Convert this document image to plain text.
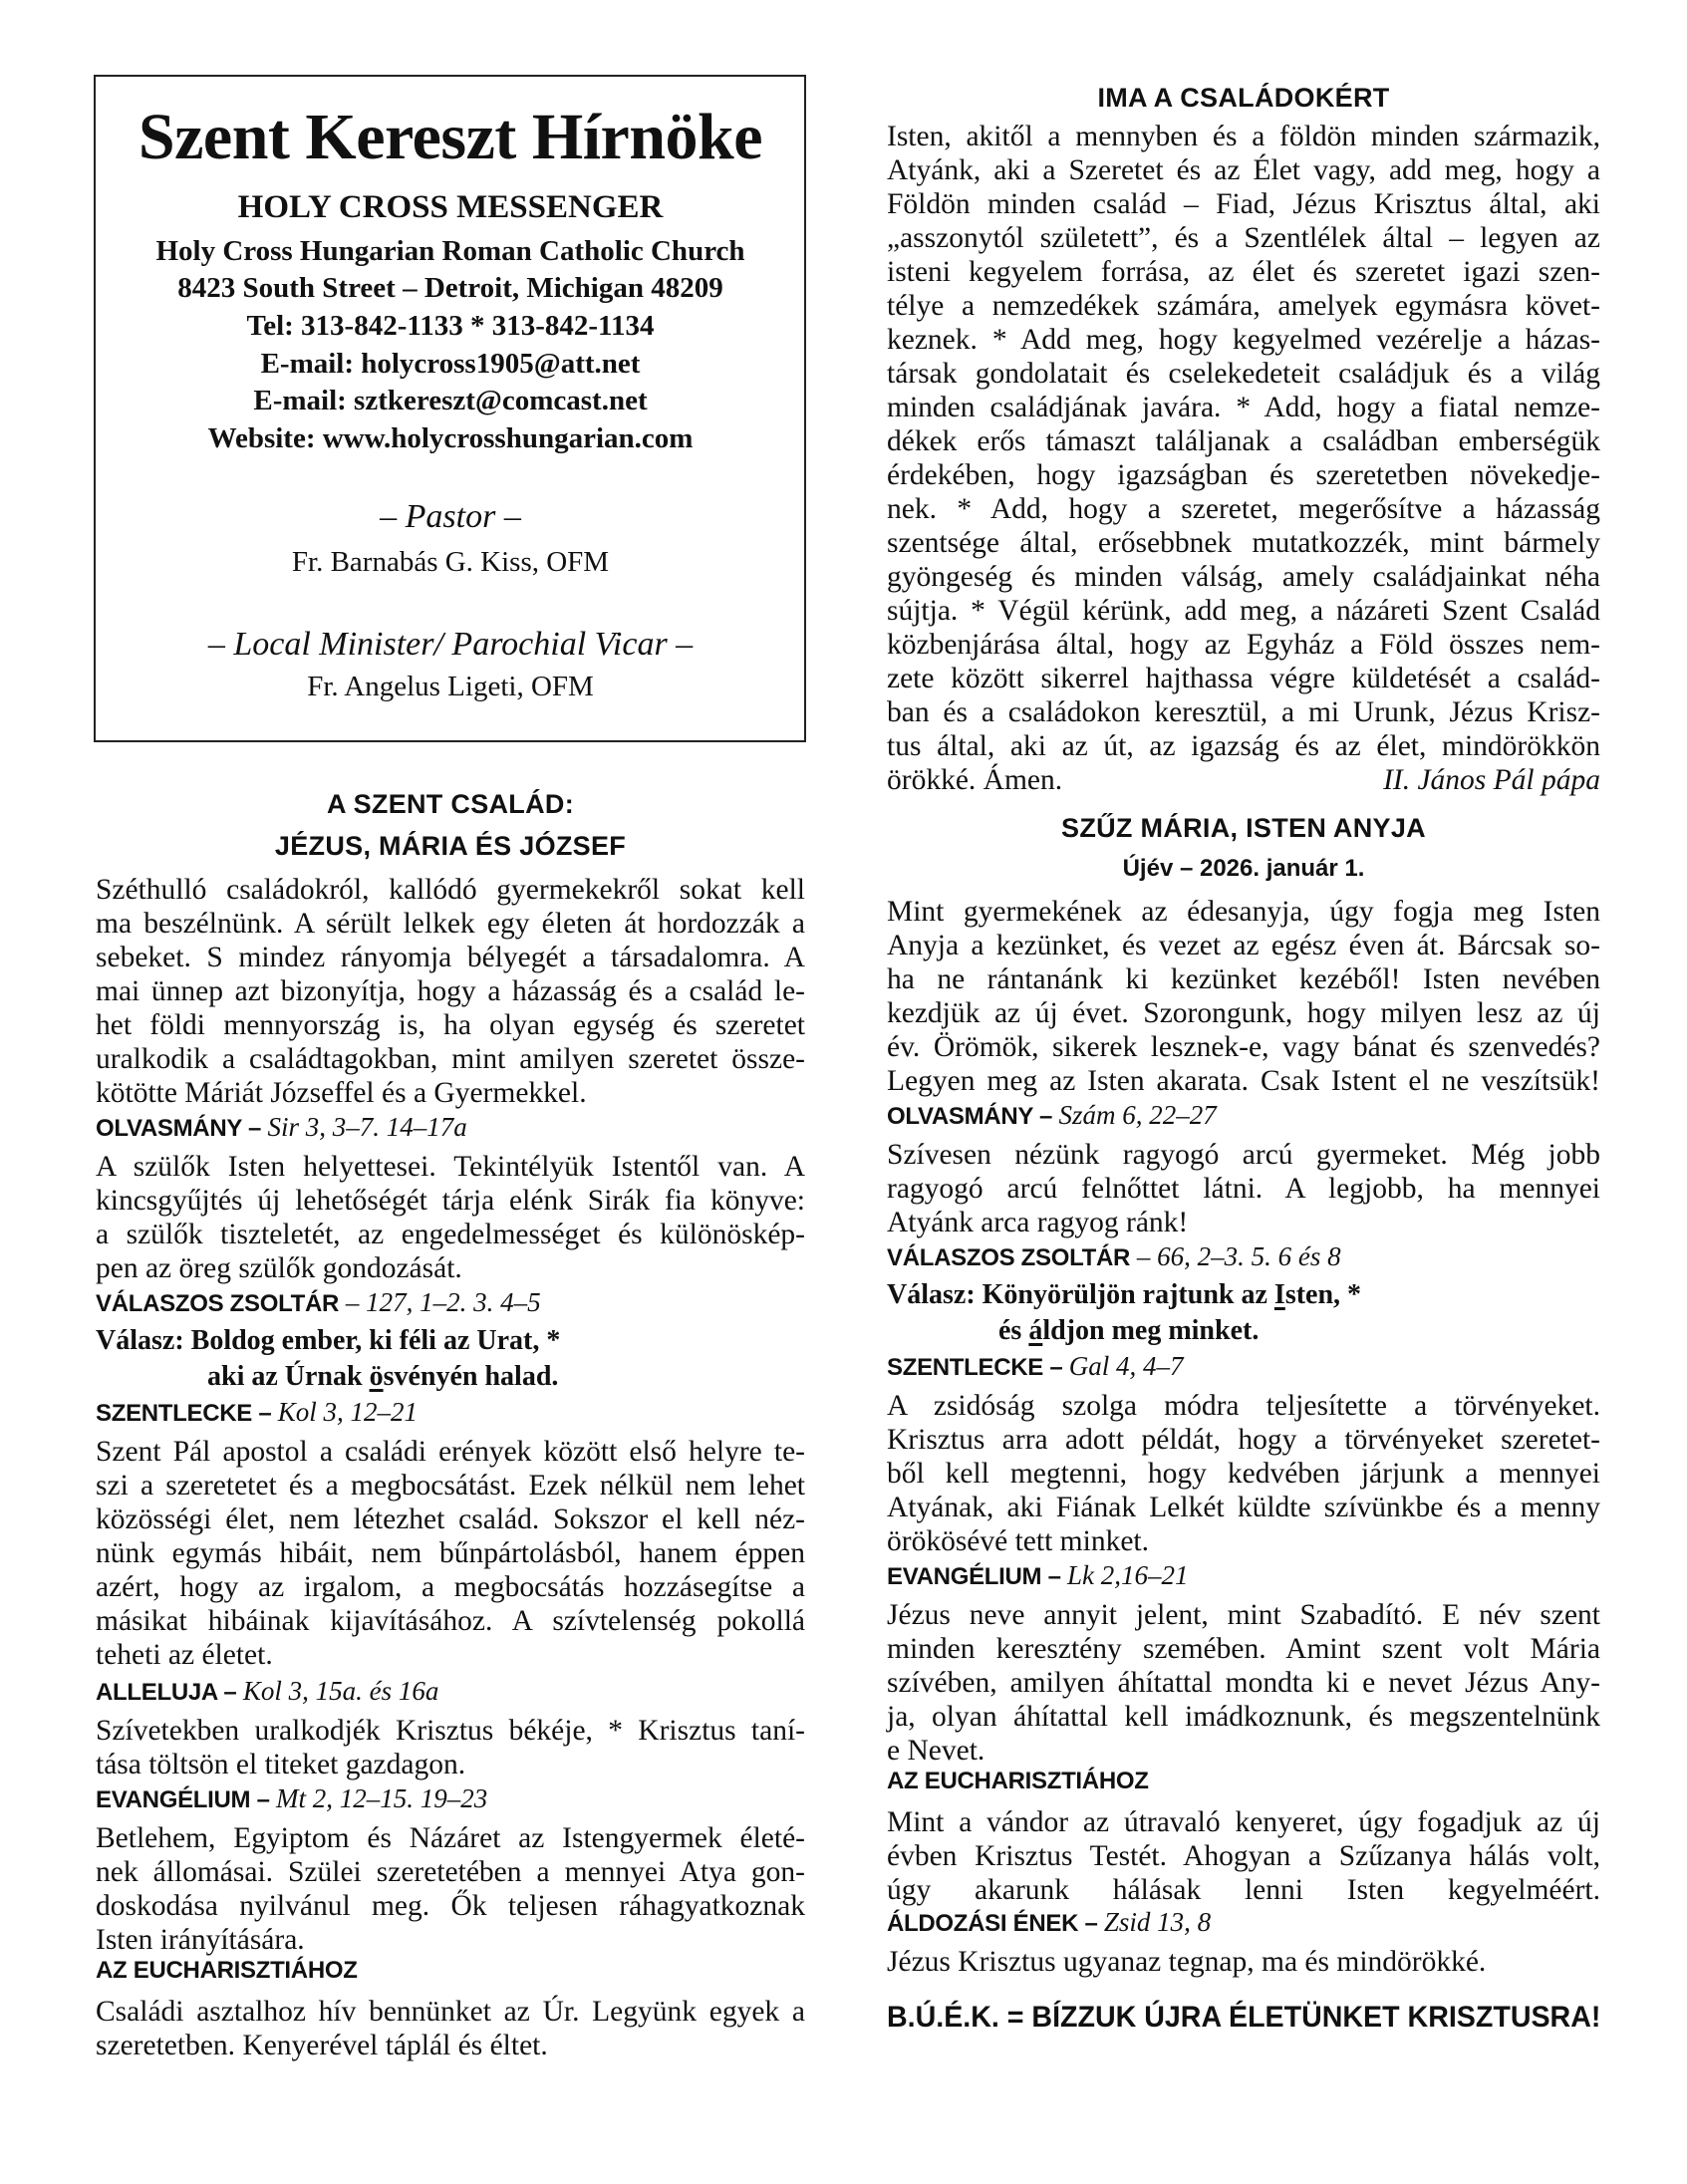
Szent Kereszt Hírnöke
HOLY CROSS MESSENGER
Holy Cross Hungarian Roman Catholic Church
8423 South Street – Detroit, Michigan 48209
Tel: 313-842-1133 * 313-842-1134
E-mail: holycross1905@att.net
E-mail: sztkereszt@comcast.net
Website: www.holycrosshungarian.com
– Pastor –
Fr. Barnabás G. Kiss, OFM
– Local Minister/ Parochial Vicar –
Fr. Angelus Ligeti, OFM
A SZENT CSALÁD:
JÉZUS, MÁRIA ÉS JÓZSEF
Széthulló családokról, kallódó gyermekekről sokat kell
ma beszélnünk. A sérült lelkek egy életen át hordozzák a
sebeket. S mindez rányomja bélyegét a társadalomra. A
mai ünnep azt bizonyítja, hogy a házasság és a család le-
het földi mennyország is, ha olyan egység és szeretet
uralkodik a családtagokban, mint amilyen szeretet össze-
kötötte Máriát Józseffel és a Gyermekkel.
OLVASMÁNY – Sir 3, 3–7. 14–17a
A szülők Isten helyettesei. Tekintélyük Istentől van. A
kincsgyűjtés új lehetőségét tárja elénk Sirák fia könyve:
a szülők tiszteletét, az engedelmességet és különöskép-
pen az öreg szülők gondozását.
VÁLASZOS ZSOLTÁR – 127, 1–2. 3. 4–5
Válasz: Boldog ember, ki féli az Urat, *
aki az Úrnak ösvényén halad.
SZENTLECKE – Kol 3, 12–21
Szent Pál apostol a családi erények között első helyre te-
szi a szeretetet és a megbocsátást. Ezek nélkül nem lehet
közösségi élet, nem létezhet család. Sokszor el kell néz-
nünk egymás hibáit, nem bűnpártolásból, hanem éppen
azért, hogy az irgalom, a megbocsátás hozzásegítse a
másikat hibáinak kijavításához. A szívtelenség pokollá
teheti az életet.
ALLELUJA – Kol 3, 15a. és 16a
Szívetekben uralkodjék Krisztus békéje, * Krisztus taní-
tása töltsön el titeket gazdagon.
EVANGÉLIUM – Mt 2, 12–15. 19–23
Betlehem, Egyiptom és Názáret az Istengyermek életé-
nek állomásai. Szülei szeretetében a mennyei Atya gon-
doskodása nyilvánul meg. Ők teljesen ráhagyatkoznak
Isten irányítására.
AZ EUCHARISZTIÁHOZ
Családi asztalhoz hív bennünket az Úr. Legyünk egyek a
szeretetben. Kenyerével táplál és éltet.
IMA A CSALÁDOKÉRT
Isten, akitől a mennyben és a földön minden származik,
Atyánk, aki a Szeretet és az Élet vagy, add meg, hogy a
Földön minden család – Fiad, Jézus Krisztus által, aki
„asszonytól született”, és a Szentlélek által – legyen az
isteni kegyelem forrása, az élet és szeretet igazi szen-
télye a nemzedékek számára, amelyek egymásra követ-
keznek. * Add meg, hogy kegyelmed vezérelje a házas-
társak gondolatait és cselekedeteit családjuk és a világ
minden családjának javára. * Add, hogy a fiatal nemze-
dékek erős támaszt találjanak a családban emberségük
érdekében, hogy igazságban és szeretetben növekedje-
nek. * Add, hogy a szeretet, megerősítve a házasság
szentsége által, erősebbnek mutatkozzék, mint bármely
gyöngeség és minden válság, amely családjainkat néha
sújtja. * Végül kérünk, add meg, a názáreti Szent Család
közbenjárása által, hogy az Egyház a Föld összes nem-
zete között sikerrel hajthassa végre küldetését a család-
ban és a családokon keresztül, a mi Urunk, Jézus Krisz-
tus által, aki az út, az igazság és az élet, mindörökkön
örökké. Ámen.	II. János Pál pápa
SZŰZ MÁRIA, ISTEN ANYJA
Újév – 2026. január 1.
Mint gyermekének az édesanyja, úgy fogja meg Isten
Anyja a kezünket, és vezet az egész éven át. Bárcsak so-
ha ne rántanánk ki kezünket kezéből! Isten nevében
kezdjük az új évet. Szorongunk, hogy milyen lesz az új
év. Örömök, sikerek lesznek-e, vagy bánat és szenvedés?
Legyen meg az Isten akarata. Csak Istent el ne veszítsük!
OLVASMÁNY – Szám 6, 22–27
Szívesen nézünk ragyogó arcú gyermeket. Még jobb
ragyogó arcú felnőttet látni. A legjobb, ha mennyei
Atyánk arca ragyog ránk!
VÁLASZOS ZSOLTÁR – 66, 2–3. 5. 6 és 8
Válasz: Könyörüljön rajtunk az Isten, *
és áldjon meg minket.
SZENTLECKE – Gal 4, 4–7
A zsidóság szolga módra teljesítette a törvényeket.
Krisztus arra adott példát, hogy a törvényeket szeretet-
ből kell megtenni, hogy kedvében járjunk a mennyei
Atyának, aki Fiának Lelkét küldte szívünkbe és a menny
örökösévé tett minket.
EVANGÉLIUM – Lk 2,16–21
Jézus neve annyit jelent, mint Szabadító. E név szent
minden keresztény szemében. Amint szent volt Mária
szívében, amilyen áhítattal mondta ki e nevet Jézus Any-
ja, olyan áhítattal kell imádkoznunk, és megszentelnünk
e Nevet.
AZ EUCHARISZTIÁHOZ
Mint a vándor az útravaló kenyeret, úgy fogadjuk az új
évben Krisztus Testét. Ahogyan a Szűzanya hálás volt,
úgy akarunk hálásak lenni Isten kegyelméért.
ÁLDOZÁSI ÉNEK – Zsid 13, 8
Jézus Krisztus ugyanaz tegnap, ma és mindörökké.
B.Ú.É.K. = BÍZZUK ÚJRA ÉLETÜNKET KRISZTUSRA!
